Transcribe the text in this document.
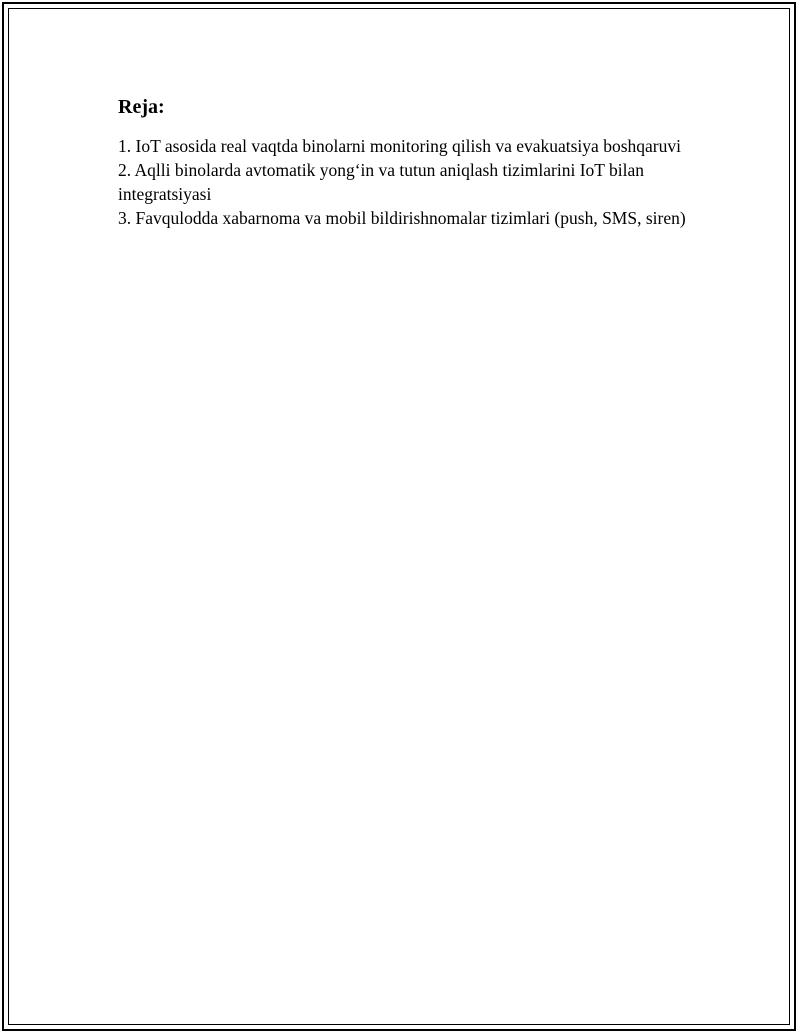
Reja:
1. IoT asosida real vaqtda binolarni monitoring qilish va evakuatsiya boshqaruvi
2. Aqlli binolarda avtomatik yong‘in va tutun aniqlash tizimlarini IoT bilan integratsiyasi
3. Favqulodda xabarnoma va mobil bildirishnomalar tizimlari (push, SMS, siren)
